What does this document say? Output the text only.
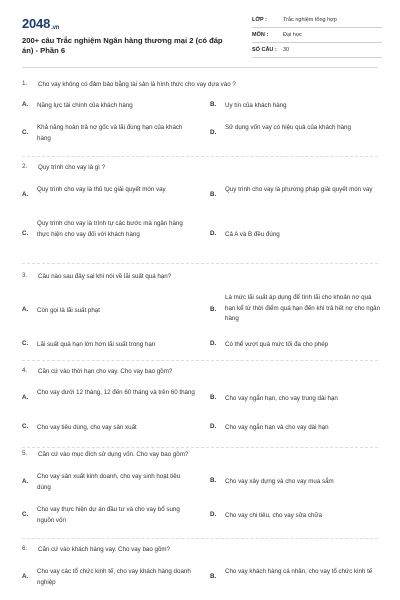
2048.vn
200+ câu Trắc nghiệm Ngân hàng thương mại 2 (có đáp án) - Phần 6
LỚP :	Trắc nghiệm tổng hợp
MÔN :	Đại học
SỐ CÂU : 30
1. Cho vay không có đảm bảo bằng tài sản là hình thức cho vay dựa vào ?
A. Năng lực tài chính của khách hàng	B. Uy tín của khách hàng
C.
Khả năng hoàn trả nợ gốc và lãi đúng hạn của khách hàng
D.
Sử dụng vốn vay có hiệu quả của khách hàng
2. Quy trình cho vay là gì ?
A.
Quy trình cho vay là thủ tục giải quyết món vay
B.
Quy trình cho vay là phương pháp giải quyết món vay
C.
Quy trình cho vay là trình tự các bước mà ngân hàng thực hiện cho vay đối với khách hàng	D. Cả A và B đều đúng
3. Câu nào sau đây sai khi nói về lãi suất quá hạn?
A. Còn gọi là lãi suất phạt	B.
Là mức lãi suất áp dụng để tính lãi cho khoản nợ quá hạn kể từ thời điểm quá hạn đến khi trả hết nợ cho ngân hàng
C. Lãi suất quá hạn lớn hơn lãi suất trong hạn	D. Có thể vượt quá mức tối đa cho phép
4. Căn cứ vào thời hạn cho vay. Cho vay bao gồm?
A.
Cho vay dưới 12 tháng, 12 đến 60 tháng và trên 60 tháng
B. Cho vay ngắn hạn, cho vay trung dài hạn
C. Cho vay tiêu dùng, cho vay sản xuất	D. Cho vay ngắn hạn và cho vay dài hạn
5. Căn cứ vào mục đích sử dụng vốn. Cho vay bao gồm?
A.
Cho vay sản xuất kinh doanh, cho vay sinh hoạt tiêu dùng
B. Cho vay xây dựng và cho vay mua sắm
C.
Cho vay thực hiện dự án đầu tư và cho vay bổ sung nguồn vốn
D. Cho vay chi tiêu, cho vay sửa chữa
6. Căn cứ vào khách hàng vay. Cho vay bao gồm?
A.
Cho vay các tổ chức kinh tế, cho vay khách hàng doanh nghiệp
B.
Cho vay khách hàng cá nhân, cho vay tổ chức kinh tế
